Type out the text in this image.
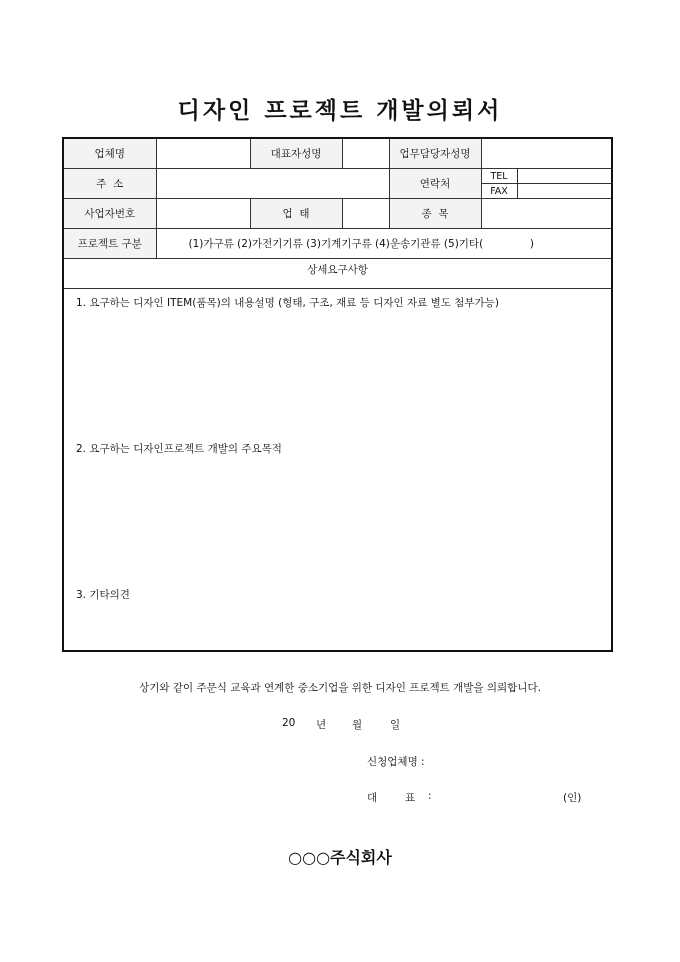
디자인 프로젝트 개발의뢰서
업체명		대표자성명		업무담당자성명	
주  소		연락처	
TEL	
FAX	

사업자번호		업  태		종  목	
프로젝트 구분	(1)가구류 (2)가전기기류 (3)기계기구류 (4)운송기관류 (5)기타(              )

상세요구사항
1. 요구하는 디자인 ITEM(품목)의 내용설명 (형태, 구조, 재료 등 디자인 자료 별도 첨부가능)
2. 요구하는 디자인프로젝트 개발의 주요목적
3. 기타의견
상기와 같이 주문식 교육과 연계한 중소기업을 위한 디자인 프로젝트 개발을 의뢰합니다.
20 년 월	일
신청업체명 :
대	표 :	(인)
○○○주식회사
